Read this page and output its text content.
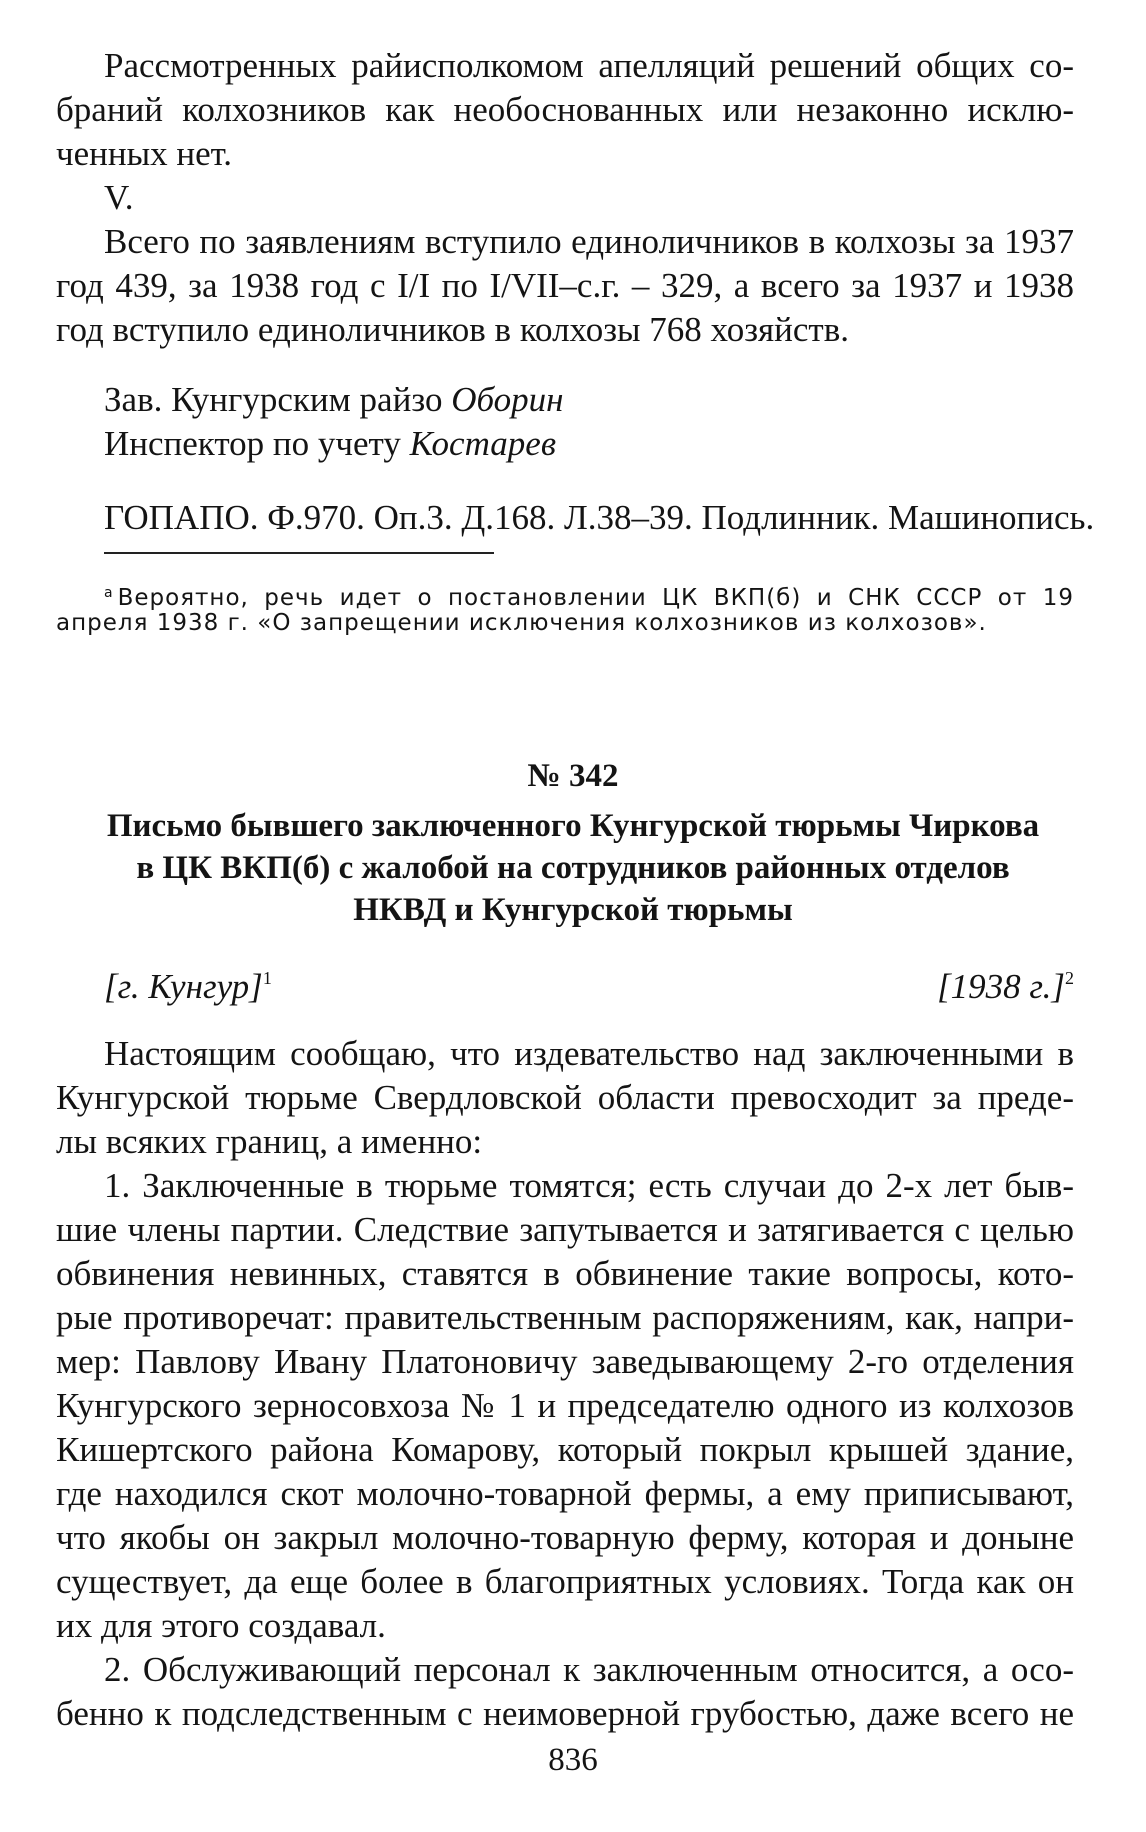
Рассмотренных райисполкомом апелляций решений общих со-
браний колхозников как необоснованных или незаконно исклю-
ченных нет.
V.
Всего по заявлениям вступило единоличников в колхозы за 1937
год 439, за 1938 год с I/I по I/VII–с.г. – 329, а всего за 1937 и 1938
год вступило единоличников в колхозы 768 хозяйств.
Зав. Кунгурским райзо Оборин
Инспектор по учету Костарев
ГОПАПО. Ф.970. Оп.3. Д.168. Л.38–39. Подлинник. Машинопись.
$^а$ Вероятно, речь идет о постановлении ЦК ВКП(б) и СНК СССР от 19
апреля 1938 г. «О запрещении исключения колхозников из колхозов».
№ 342
Письмо бывшего заключенного Кунгурской тюрьмы Чиркова
в ЦК ВКП(б) с жалобой на сотрудников районных отделов
НКВД и Кунгурской тюрьмы
[г. Кунгур]$^1$	[1938 г.]$^2$
Настоящим сообщаю, что издевательство над заключенными в
Кунгурской тюрьме Свердловской области превосходит за преде-
лы всяких границ, а именно:
1. Заключенные в тюрьме томятся; есть случаи до 2-х лет быв-
шие члены партии. Следствие запутывается и затягивается с целью
обвинения невинных, ставятся в обвинение такие вопросы, кото-
рые противоречат: правительственным распоряжениям, как, напри-
мер: Павлову Ивану Платоновичу заведывающему 2-го отделения
Кунгурского зерносовхоза № 1 и председателю одного из колхозов
Кишертского района Комарову, который покрыл крышей здание,
где находился скот молочно-товарной фермы, а ему приписывают,
что якобы он закрыл молочно-товарную ферму, которая и доныне
существует, да еще более в благоприятных условиях. Тогда как он
их для этого создавал.
2. Обслуживающий персонал к заключенным относится, а осо-
бенно к подследственным с неимоверной грубостью, даже всего не
836
